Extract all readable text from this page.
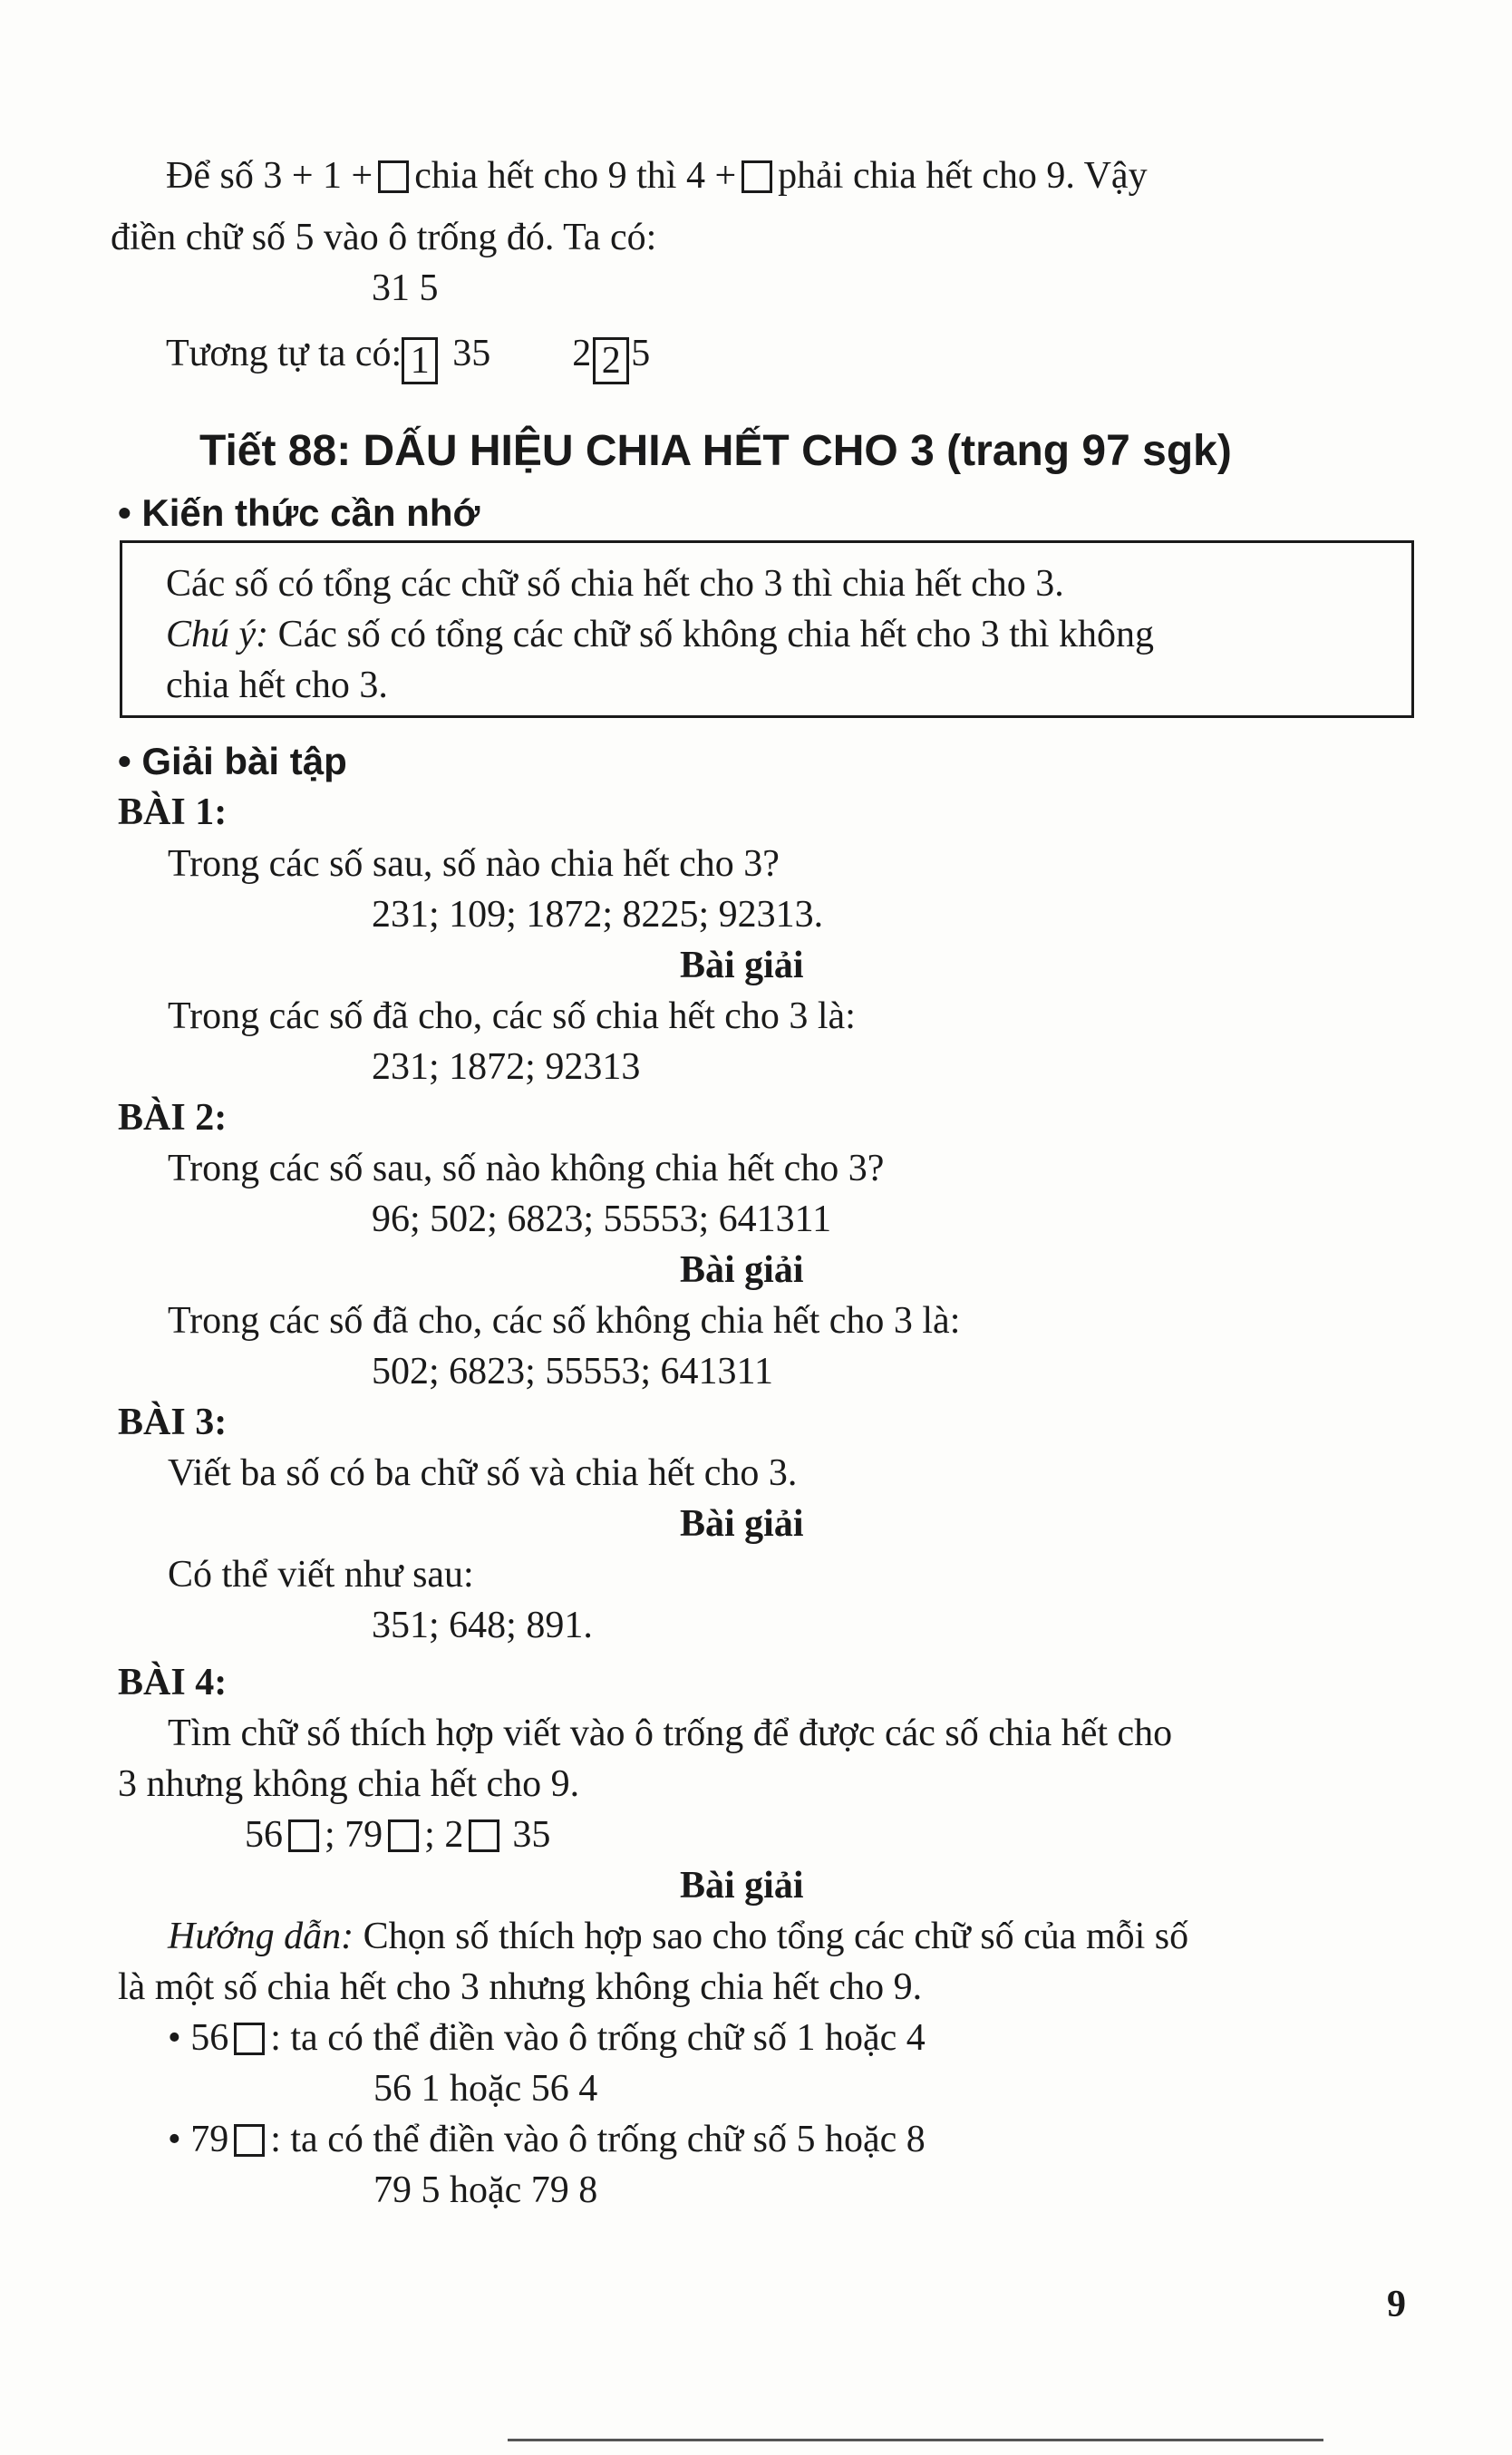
Để số 3 + 1 + chia hết cho 9 thì 4 + phải chia hết cho 9. Vậy
điền chữ số 5 vào ô trống đó. Ta có:
31 5
Tương tự ta có: 1 35 2 2 5
Tiết 88: DẤU HIỆU CHIA HẾT CHO 3 (trang 97 sgk)
• Kiến thức cần nhớ
Các số có tổng các chữ số chia hết cho 3 thì chia hết cho 3.
Chú ý: Các số có tổng các chữ số không chia hết cho 3 thì không
chia hết cho 3.
• Giải bài tập
BÀI 1:
Trong các số sau, số nào chia hết cho 3?
231; 109; 1872; 8225; 92313.
Bài giải
Trong các số đã cho, các số chia hết cho 3 là:
231; 1872; 92313
BÀI 2:
Trong các số sau, số nào không chia hết cho 3?
96; 502; 6823; 55553; 641311
Bài giải
Trong các số đã cho, các số không chia hết cho 3 là:
502; 6823; 55553; 641311
BÀI 3:
Viết ba số có ba chữ số và chia hết cho 3.
Bài giải
Có thể viết như sau:
351; 648; 891.
BÀI 4:
Tìm chữ số thích hợp viết vào ô trống để được các số chia hết cho
3 nhưng không chia hết cho 9.
56 ; 79 ; 2 35
Bài giải
Hướng dẫn: Chọn số thích hợp sao cho tổng các chữ số của mỗi số
là một số chia hết cho 3 nhưng không chia hết cho 9.
• 56 : ta có thể điền vào ô trống chữ số 1 hoặc 4
56 1 hoặc 56 4
• 79 : ta có thể điền vào ô trống chữ số 5 hoặc 8
79 5 hoặc 79 8
9
